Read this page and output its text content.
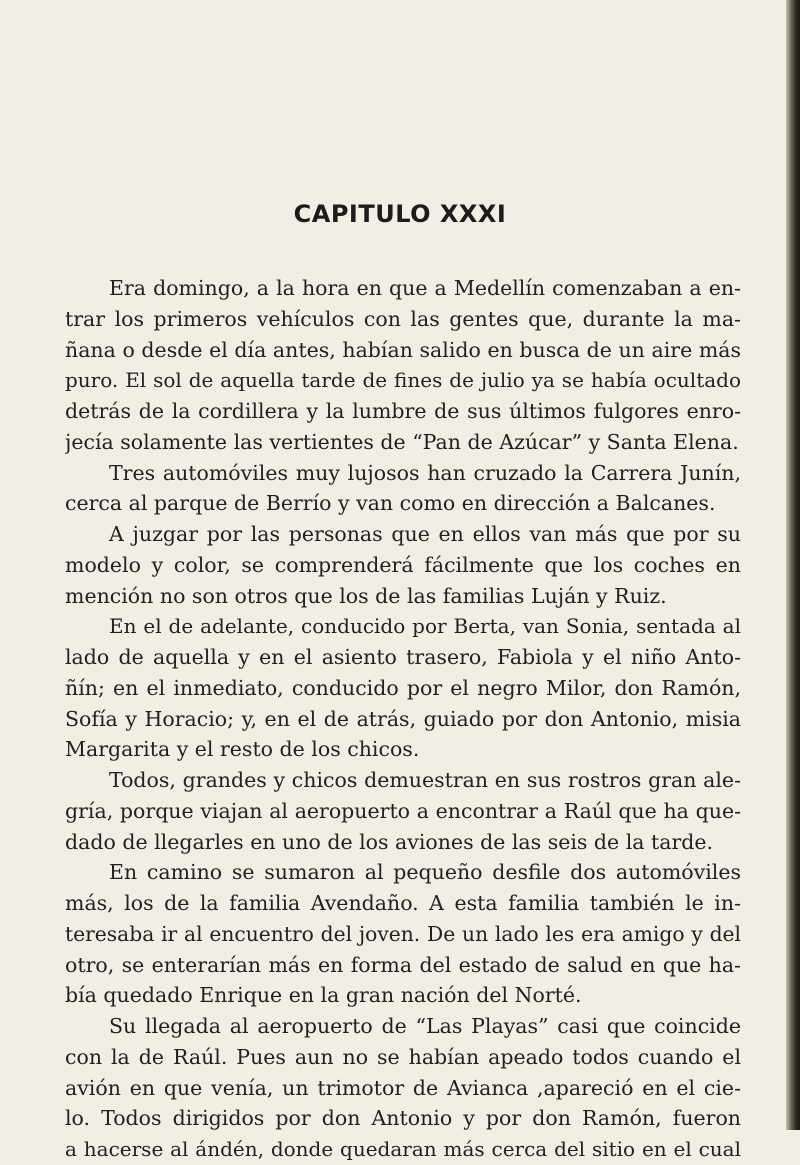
CAPITULO XXXI
Era domingo, a la hora en que a Medellín comenzaban a en-
trar los primeros vehículos con las gentes que, durante la ma-
ñana o desde el día antes, habían salido en busca de un aire más
puro. El sol de aquella tarde de fines de julio ya se había ocultado
detrás de la cordillera y la lumbre de sus últimos fulgores enro-
jecía solamente las vertientes de “Pan de Azúcar” y Santa Elena.
Tres automóviles muy lujosos han cruzado la Carrera Junín,
cerca al parque de Berrío y van como en dirección a Balcanes.
A juzgar por las personas que en ellos van más que por su
modelo y color, se comprenderá fácilmente que los coches en
mención no son otros que los de las familias Luján y Ruiz.
En el de adelante, conducido por Berta, van Sonia, sentada al
lado de aquella y en el asiento trasero, Fabiola y el niño Anto-
ñín; en el inmediato, conducido por el negro Milor, don Ramón,
Sofía y Horacio; y, en el de atrás, guiado por don Antonio, misia
Margarita y el resto de los chicos.
Todos, grandes y chicos demuestran en sus rostros gran ale-
gría, porque viajan al aeropuerto a encontrar a Raúl que ha que-
dado de llegarles en uno de los aviones de las seis de la tarde.
En camino se sumaron al pequeño desfile dos automóviles
más, los de la familia Avendaño. A esta familia también le in-
teresaba ir al encuentro del joven. De un lado les era amigo y del
otro, se enterarían más en forma del estado de salud en que ha-
bía quedado Enrique en la gran nación del Norté.
Su llegada al aeropuerto de “Las Playas” casi que coincide
con la de Raúl. Pues aun no se habían apeado todos cuando el
avión en que venía, un trimotor de Avianca ,apareció en el cie-
lo. Todos dirigidos por don Antonio y por don Ramón, fueron
a hacerse al ándén, donde quedaran más cerca del sitio en el cual
